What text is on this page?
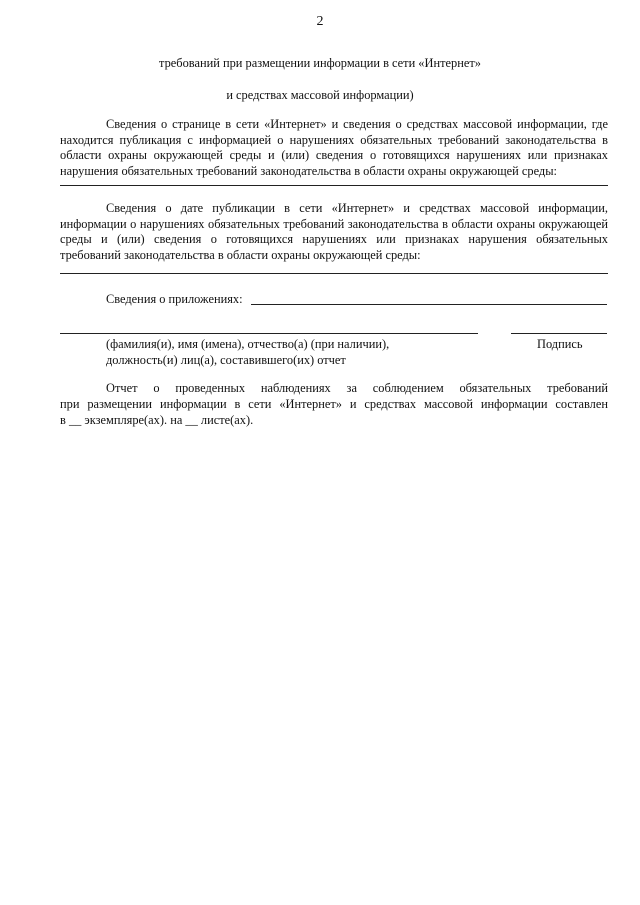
2
требований при размещении информации в сети «Интернет»
и средствах массовой информации)
Сведения о странице в сети «Интернет» и сведения о средствах массовой информации, где находится публикация с информацией о нарушениях обязательных требований законодательства в области охраны окружающей среды и (или) сведения о готовящихся нарушениях или признаках нарушения обязательных требований законодательства в области охраны окружающей среды:
Сведения о дате публикации в сети «Интернет» и средствах массовой информации, информации о нарушениях обязательных требований законодательства в области охраны окружающей среды и (или) сведения о готовящихся нарушениях или признаках нарушения обязательных требований законодательства в области охраны окружающей среды:
Сведения о приложениях:
(фамилия(и), имя (имена), отчество(а) (при наличии),
должность(и) лиц(а), составившего(их) отчет
Подпись
Отчет о проведенных наблюдениях за соблюдением обязательных требований
при размещении информации в сети «Интернет» и средствах массовой информации составлен
в __ экземпляре(ах). на __ листе(ах).
